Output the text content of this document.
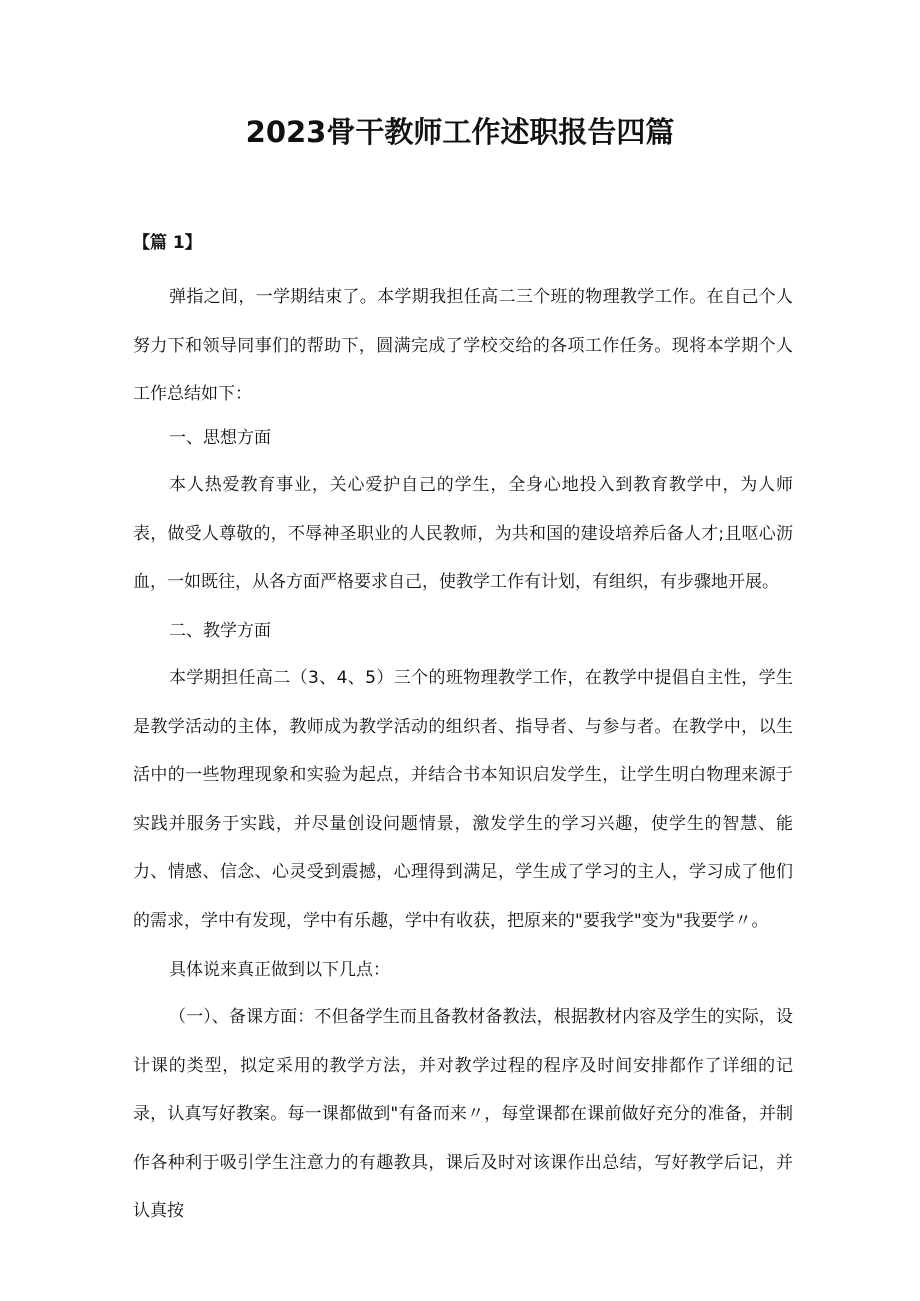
2023骨干教师工作述职报告四篇
【篇 1】

弹指之间，一学期结束了。本学期我担任高二三个班的物理教学工作。在自己个人努力下和领导同事们的帮助下，圆满完成了学校交给的各项工作任务。现将本学期个人工作总结如下：

一、思想方面

本人热爱教育事业，关心爱护自己的学生，全身心地投入到教育教学中，为人师表，做受人尊敬的，不辱神圣职业的人民教师，为共和国的建设培养后备人才;且呕心沥血，一如既往，从各方面严格要求自己，使教学工作有计划，有组织，有步骤地开展。

二、教学方面

本学期担任高二（3、4、5）三个的班物理教学工作，在教学中提倡自主性，学生是教学活动的主体，教师成为教学活动的组织者、指导者、与参与者。在教学中，以生活中的一些物理现象和实验为起点，并结合书本知识启发学生，让学生明白物理来源于实践并服务于实践，并尽量创设问题情景，激发学生的学习兴趣，使学生的智慧、能力、情感、信念、心灵受到震撼，心理得到满足，学生成了学习的主人，学习成了他们的需求，学中有发现，学中有乐趣，学中有收获，把原来的"要我学"变为"我要学〃。

具体说来真正做到以下几点：

（一）、备课方面：不但备学生而且备教材备教法，根据教材内容及学生的实际，设计课的类型，拟定采用的教学方法，并对教学过程的程序及时间安排都作了详细的记录，认真写好教案。每一课都做到"有备而来〃，每堂课都在课前做好充分的准备，并制作各种利于吸引学生注意力的有趣教具，课后及时对该课作出总结，写好教学后记，并认真按
